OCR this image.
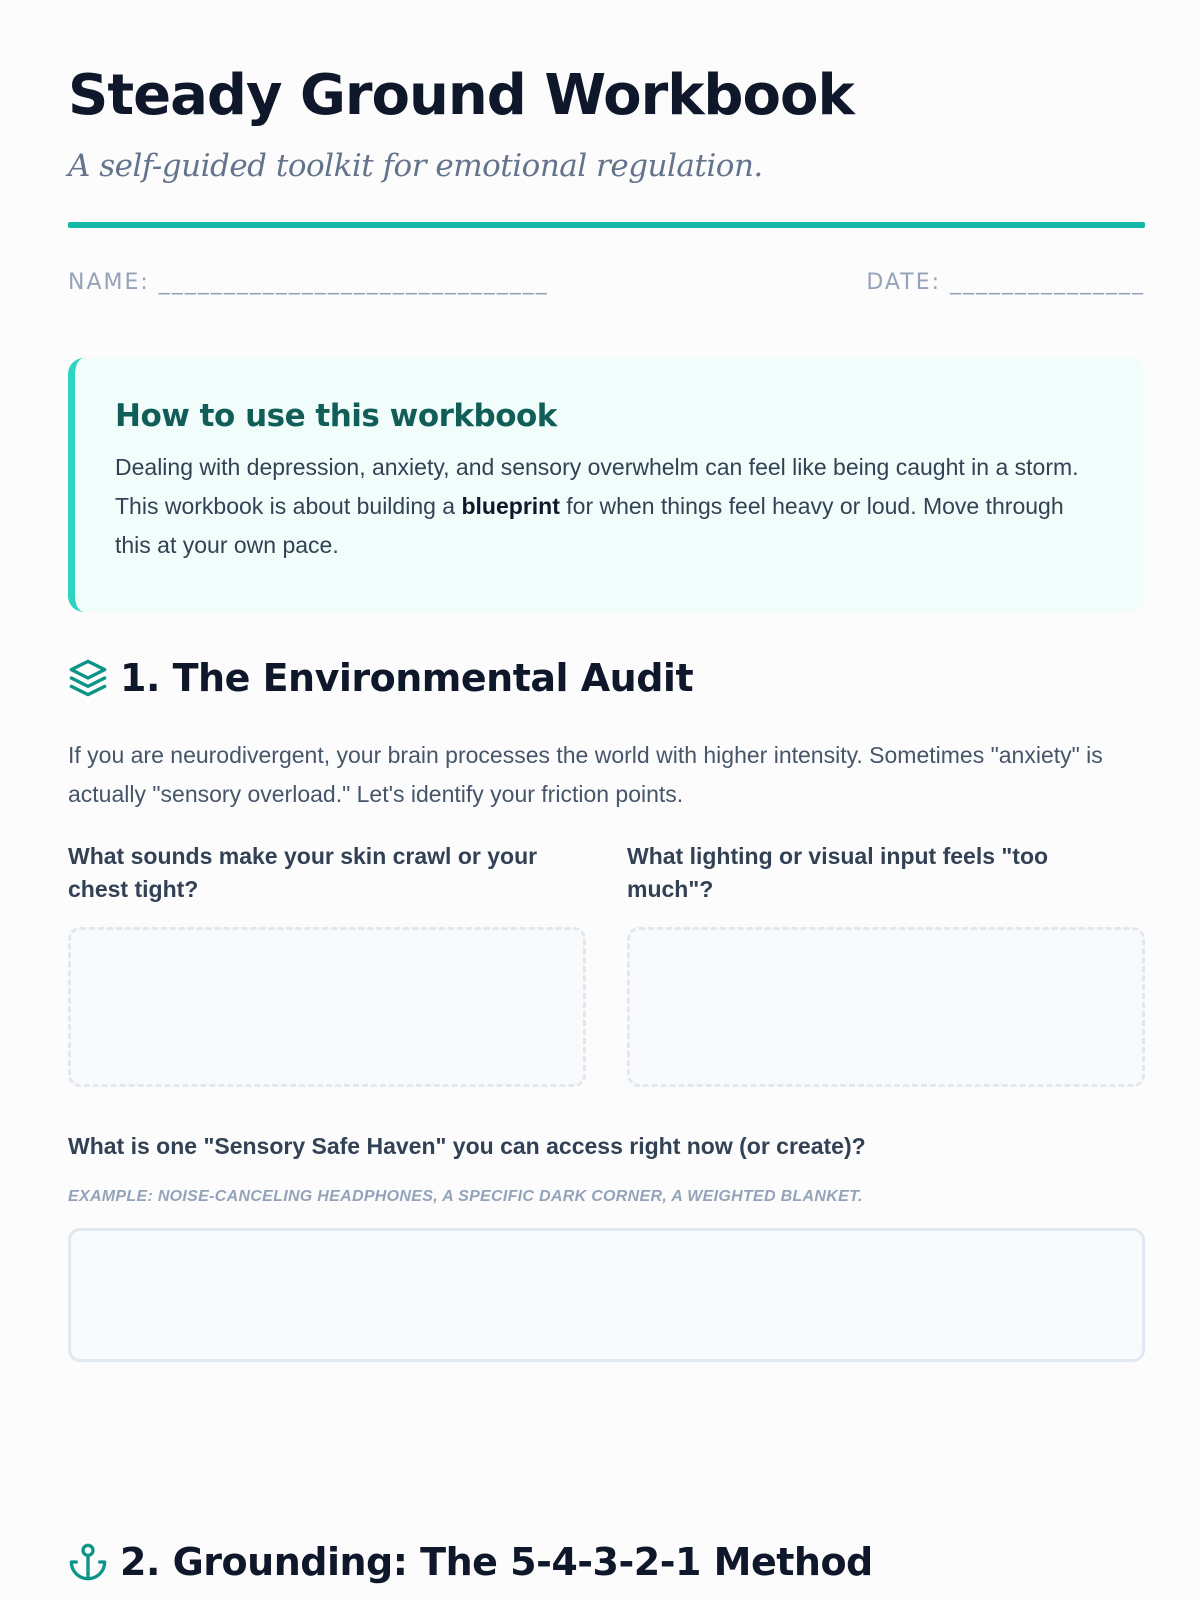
Steady Ground Workbook

A self-guided toolkit for emotional regulation.

NAME: ______________________________	DATE: _______________
How to use this workbook

Dealing with depression, anxiety, and sensory overwhelm can feel like being caught in a storm. This workbook is about building a blueprint for when things feel heavy or loud. Move through this at your own pace.

1. The Environmental Audit

If you are neurodivergent, your brain processes the world with higher intensity. Sometimes "anxiety" is actually "sensory overload." Let's identify your friction points.

What sounds make your skin crawl or your chest tight?

What lighting or visual input feels "too much"?

What is one "Sensory Safe Haven" you can access right now (or create)?

EXAMPLE: NOISE-CANCELING HEADPHONES, A SPECIFIC DARK CORNER, A WEIGHTED BLANKET.

2. Grounding: The 5-4-3-2-1 Method
